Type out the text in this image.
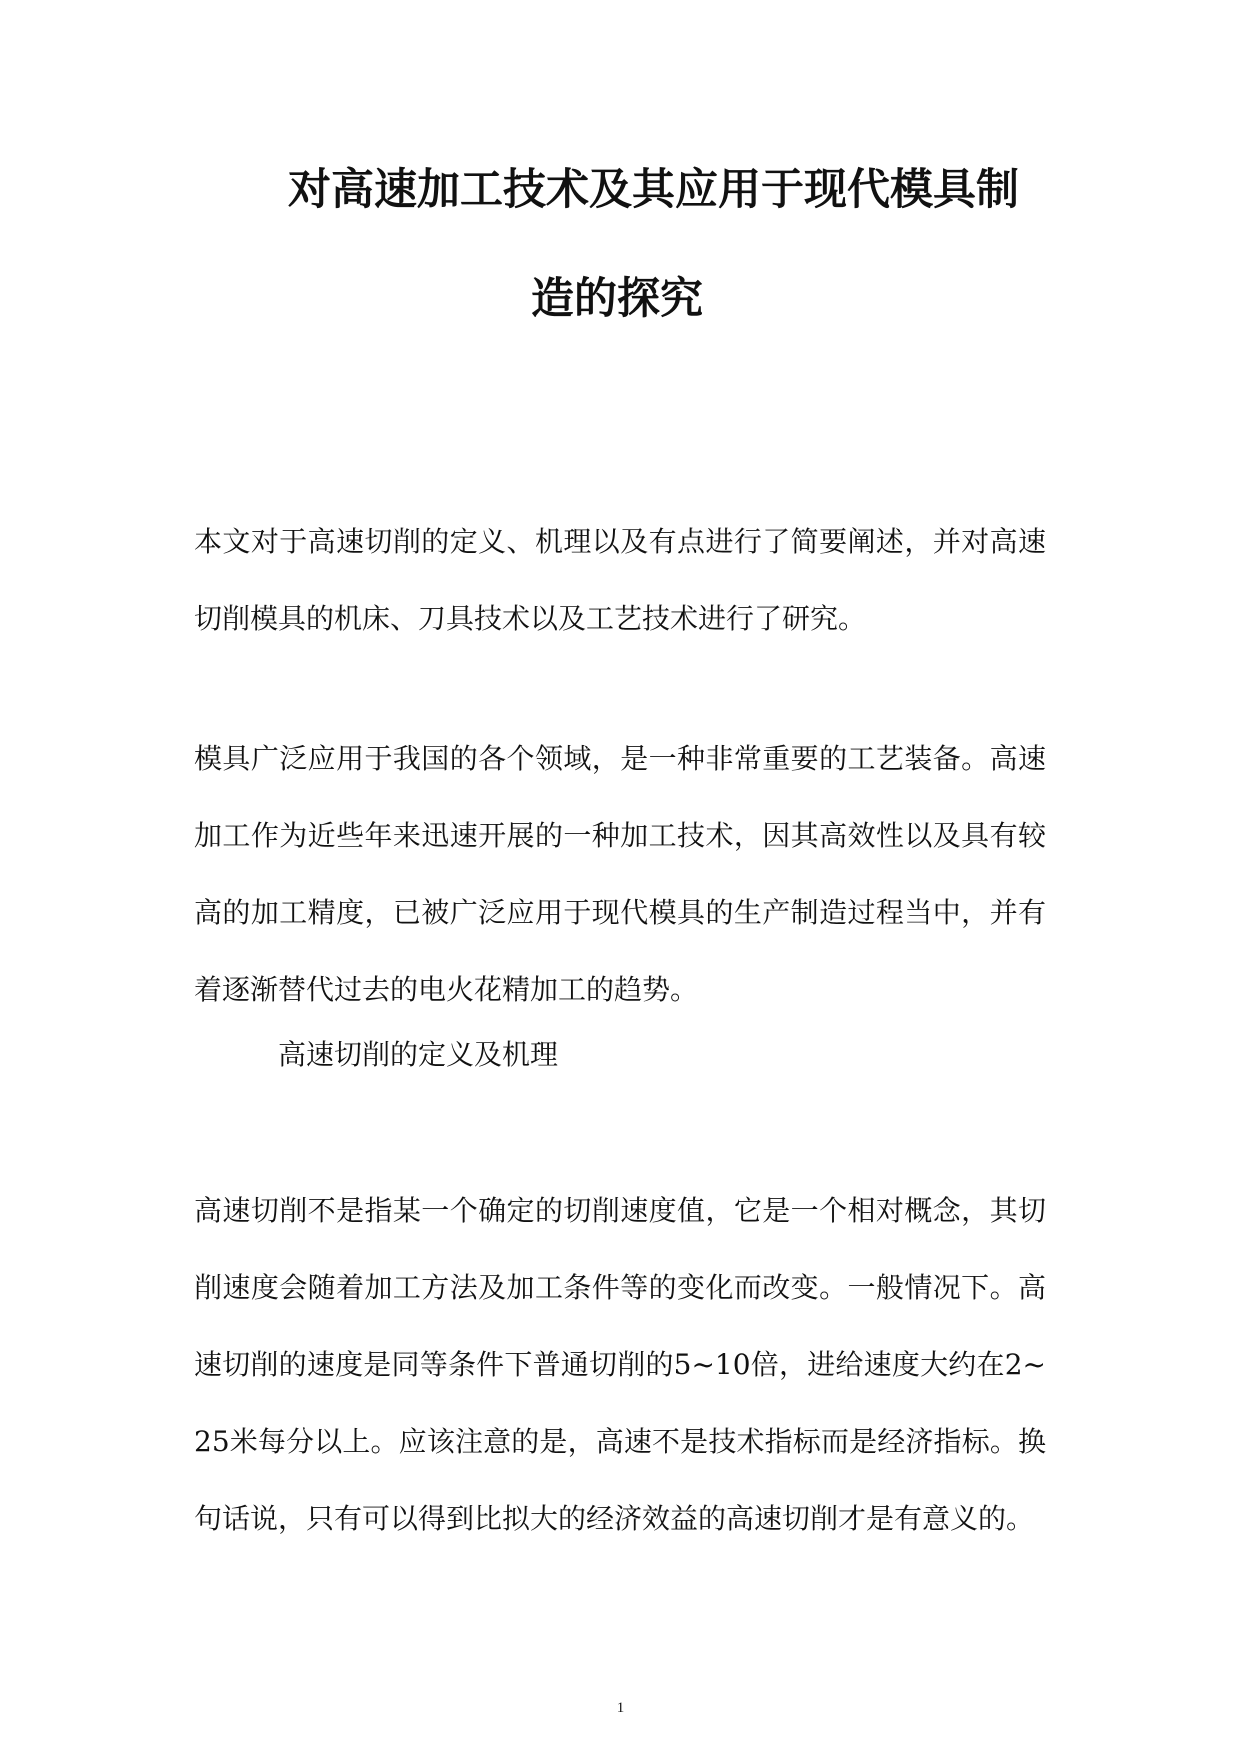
对高速加工技术及其应用于现代模具制
造的探究
本文对于高速切削的定义、机理以及有点进行了简要阐述，并对高速切削模具的机床、刀具技术以及工艺技术进行了研究。
模具广泛应用于我国的各个领域，是一种非常重要的工艺装备。高速加工作为近些年来迅速开展的一种加工技术，因其高效性以及具有较高的加工精度，已被广泛应用于现代模具的生产制造过程当中，并有着逐渐替代过去的电火花精加工的趋势。
高速切削的定义及机理
高速切削不是指某一个确定的切削速度值，它是一个相对概念，其切削速度会随着加工方法及加工条件等的变化而改变。一般情况下。高速切削的速度是同等条件下普通切削的5~10倍，进给速度大约在2~25米每分以上。应该注意的是，高速不是技术指标而是经济指标。换句话说，只有可以得到比拟大的经济效益的高速切削才是有意义的。
1
